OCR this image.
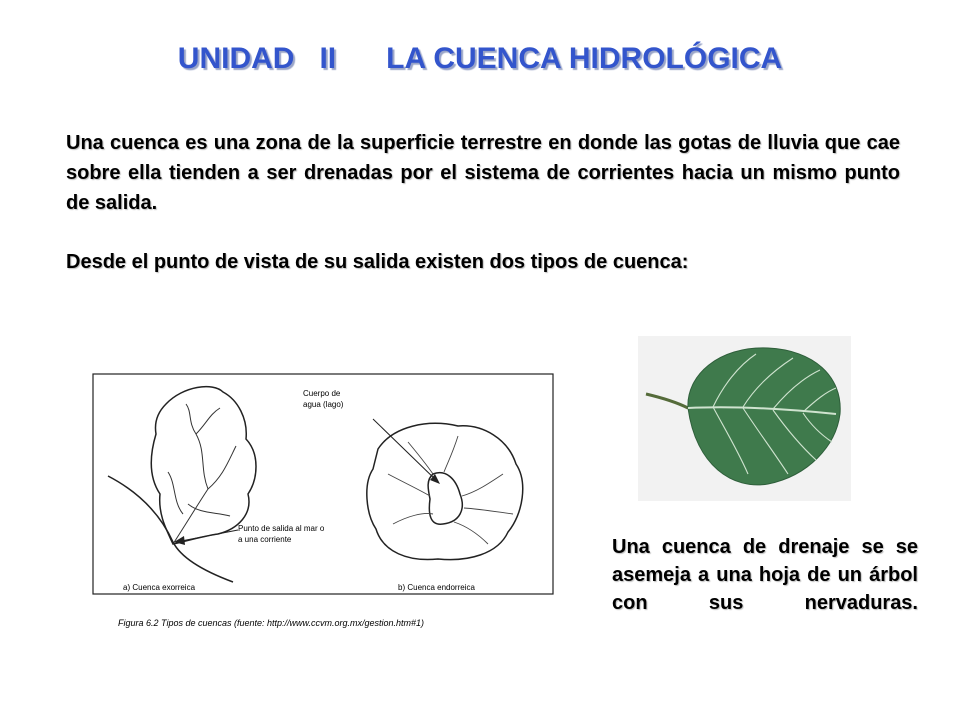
UNIDAD   II LA CUENCA HIDROLÓGICA
Una cuenca es una zona de la superficie terrestre en donde las gotas de lluvia que cae sobre ella tienden a ser drenadas por el sistema de corrientes hacia un mismo punto de salida.
Desde el punto de vista de su salida existen dos tipos de cuenca:
Punto de salida al mar o
a una corriente
Cuerpo de
agua (lago)
a) Cuenca exorreica	b) Cuenca endorreica
Figura 6.2 Tipos de cuencas (fuente: http://www.ccvm.org.mx/gestion.htm#1)
Una cuenca de drenaje se se asemeja a una hoja de un árbol con sus nervaduras.
